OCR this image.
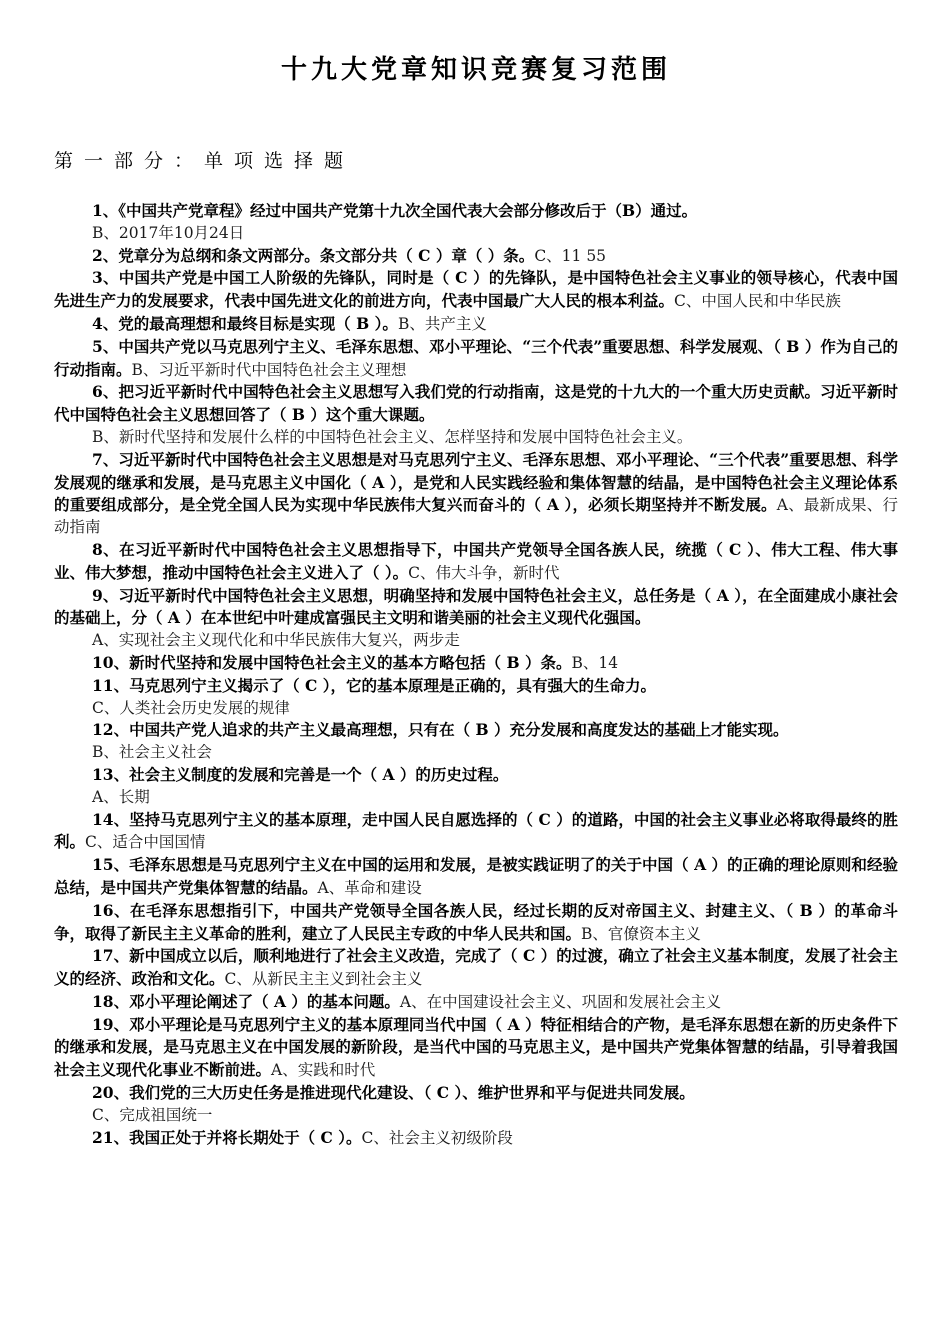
十九大党章知识竞赛复习范围
第一部分：单项选择题

1、《中国共产党章程》经过中国共产党第十九次全国代表大会部分修改后于（B）通过。

B、2017年10月24日

2、党章分为总纲和条文两部分。条文部分共（ C ）章（ ）条。C、11 55

3、中国共产党是中国工人阶级的先锋队，同时是（ C ）的先锋队，是中国特色社会主义事业的领导核心，代表中国先进生产力的发展要求，代表中国先进文化的前进方向，代表中国最广大人民的根本利益。C、中国人民和中华民族

4、党的最高理想和最终目标是实现（ B ）。B、共产主义

5、中国共产党以马克思列宁主义、毛泽东思想、邓小平理论、“三个代表”重要思想、科学发展观、（ B ）作为自己的行动指南。B、习近平新时代中国特色社会主义理想

6、把习近平新时代中国特色社会主义思想写入我们党的行动指南，这是党的十九大的一个重大历史贡献。习近平新时代中国特色社会主义思想回答了（ B ）这个重大课题。

B、新时代坚持和发展什么样的中国特色社会主义、怎样坚持和发展中国特色社会主义。

7、习近平新时代中国特色社会主义思想是对马克思列宁主义、毛泽东思想、邓小平理论、“三个代表”重要思想、科学发展观的继承和发展，是马克思主义中国化（ A ），是党和人民实践经验和集体智慧的结晶，是中国特色社会主义理论体系的重要组成部分，是全党全国人民为实现中华民族伟大复兴而奋斗的（ A ），必须长期坚持并不断发展。A、最新成果、行动指南

8、在习近平新时代中国特色社会主义思想指导下，中国共产党领导全国各族人民，统揽（ C ）、伟大工程、伟大事业、伟大梦想，推动中国特色社会主义进入了（ ）。C、伟大斗争，新时代

9、习近平新时代中国特色社会主义思想，明确坚持和发展中国特色社会主义，总任务是（ A ），在全面建成小康社会的基础上，分（ A ）在本世纪中叶建成富强民主文明和谐美丽的社会主义现代化强国。

A、实现社会主义现代化和中华民族伟大复兴，两步走

10、新时代坚持和发展中国特色社会主义的基本方略包括（ B ）条。B、14

11、马克思列宁主义揭示了（ C ），它的基本原理是正确的，具有强大的生命力。

C、人类社会历史发展的规律

12、中国共产党人追求的共产主义最高理想，只有在（ B ）充分发展和高度发达的基础上才能实现。

B、社会主义社会

13、社会主义制度的发展和完善是一个（ A ）的历史过程。

A、长期

14、坚持马克思列宁主义的基本原理，走中国人民自愿选择的（ C ）的道路，中国的社会主义事业必将取得最终的胜利。C、适合中国国情

15、毛泽东思想是马克思列宁主义在中国的运用和发展，是被实践证明了的关于中国（ A ）的正确的理论原则和经验总结，是中国共产党集体智慧的结晶。A、革命和建设

16、在毛泽东思想指引下，中国共产党领导全国各族人民，经过长期的反对帝国主义、封建主义、（ B ）的革命斗争，取得了新民主主义革命的胜利，建立了人民民主专政的中华人民共和国。B、官僚资本主义

17、新中国成立以后，顺利地进行了社会主义改造，完成了（ C ）的过渡，确立了社会主义基本制度，发展了社会主义的经济、政治和文化。C、从新民主主义到社会主义

18、邓小平理论阐述了（ A ）的基本问题。A、在中国建设社会主义、巩固和发展社会主义

19、邓小平理论是马克思列宁主义的基本原理同当代中国（ A ）特征相结合的产物，是毛泽东思想在新的历史条件下的继承和发展，是马克思主义在中国发展的新阶段，是当代中国的马克思主义，是中国共产党集体智慧的结晶，引导着我国社会主义现代化事业不断前进。A、实践和时代

20、我们党的三大历史任务是推进现代化建设、（ C ）、维护世界和平与促进共同发展。

C、完成祖国统一

21、我国正处于并将长期处于（ C ）。C、社会主义初级阶段
